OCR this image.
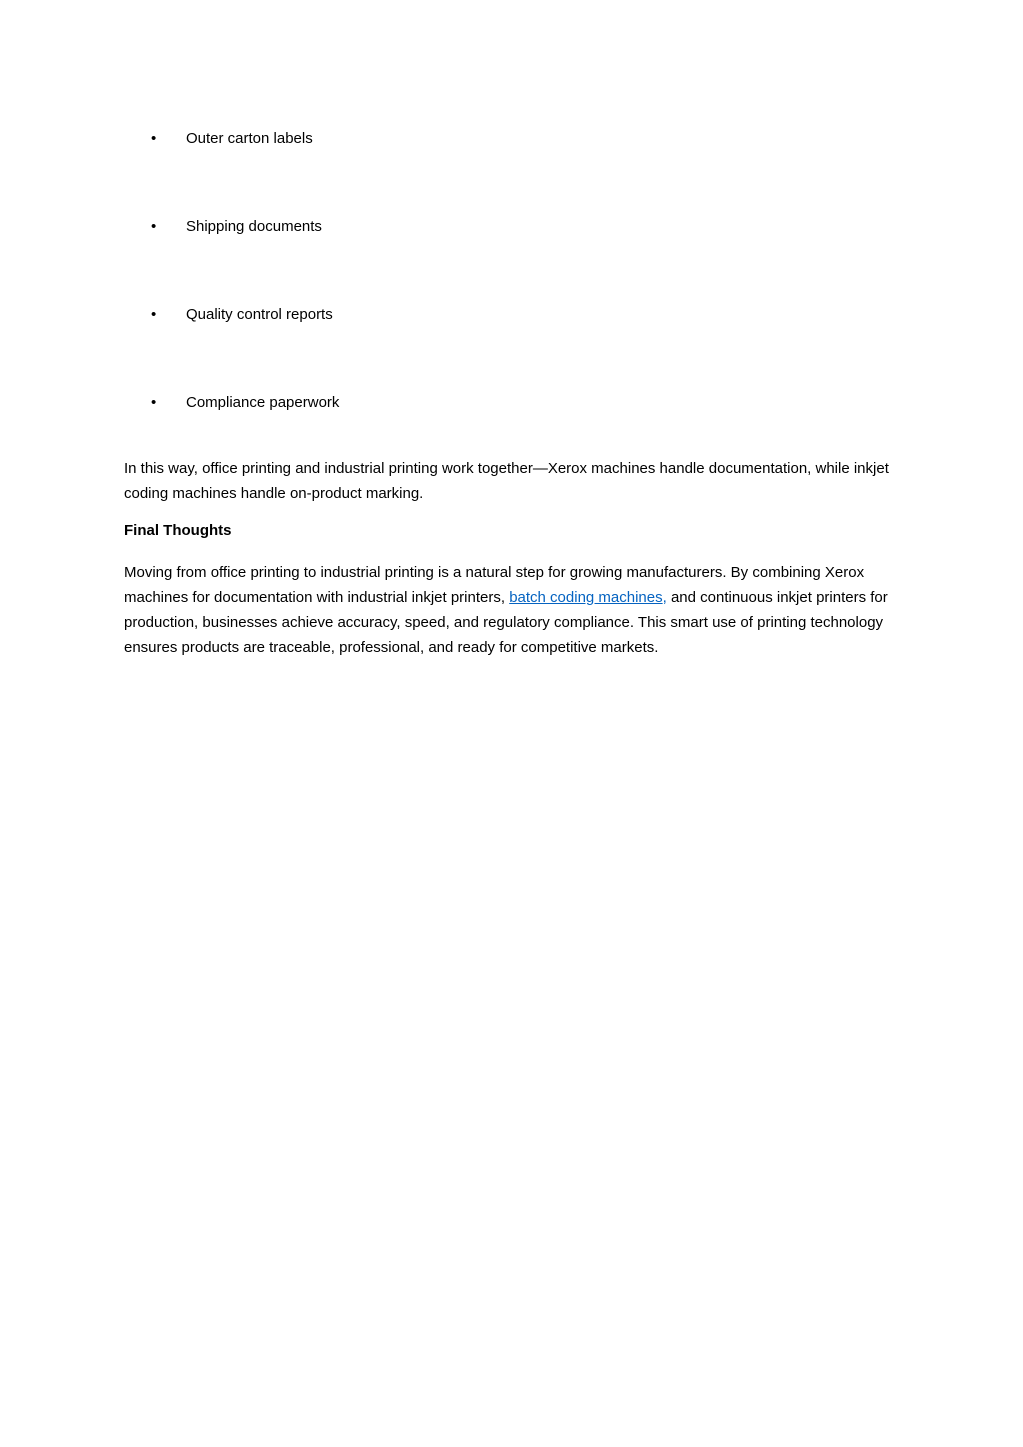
• Outer carton labels
• Shipping documents
• Quality control reports
• Compliance paperwork

In this way, office printing and industrial printing work together—Xerox machines handle documentation, while inkjet coding machines handle on-product marking.

Final Thoughts

Moving from office printing to industrial printing is a natural step for growing manufacturers. By combining Xerox machines for documentation with industrial inkjet printers, batch coding machines, and continuous inkjet printers for production, businesses achieve accuracy, speed, and regulatory compliance. This smart use of printing technology ensures products are traceable, professional, and ready for competitive markets.
